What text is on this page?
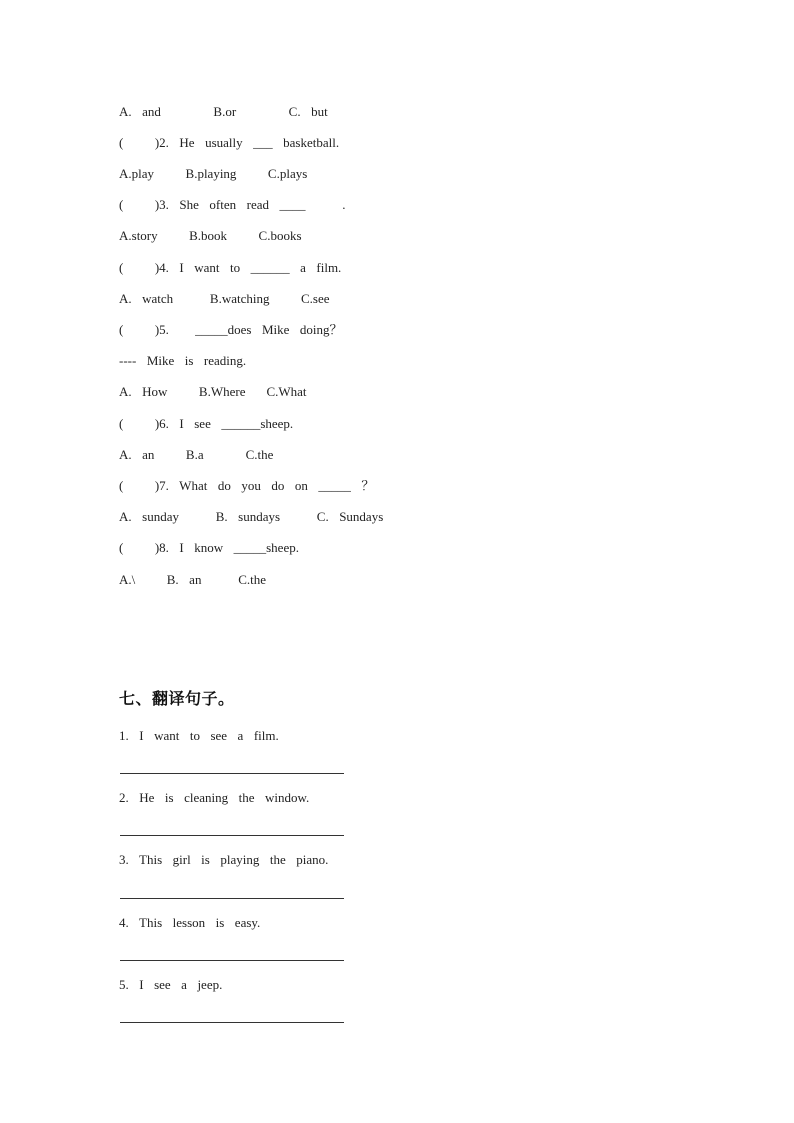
A.  and          B.or          C.  but
(      )2.  He  usually  ___  basketball.
A.play      B.playing      C.plays
(      )3.  She  often  read  ____       .
A.story      B.book      C.books
(      )4.  I  want  to  ______  a  film.
A.  watch       B.watching      C.see
(      )5.     _____does  Mike  doing？
----  Mike  is  reading.
A.  How      B.Where    C.What
(      )6.  I  see  ______sheep.
A.  an      B.a        C.the
(      )7.  What  do  you  do  on  _____  ？
A.  sunday       B.  sundays       C.  Sundays
(      )8.  I  know  _____sheep.
A.\      B.  an       C.the
七、翻译句子。
1.  I  want  to  see  a  film.
2.  He  is  cleaning  the  window.
3.  This  girl  is  playing  the  piano.
4.  This  lesson  is  easy.
5.  I  see  a  jeep.
